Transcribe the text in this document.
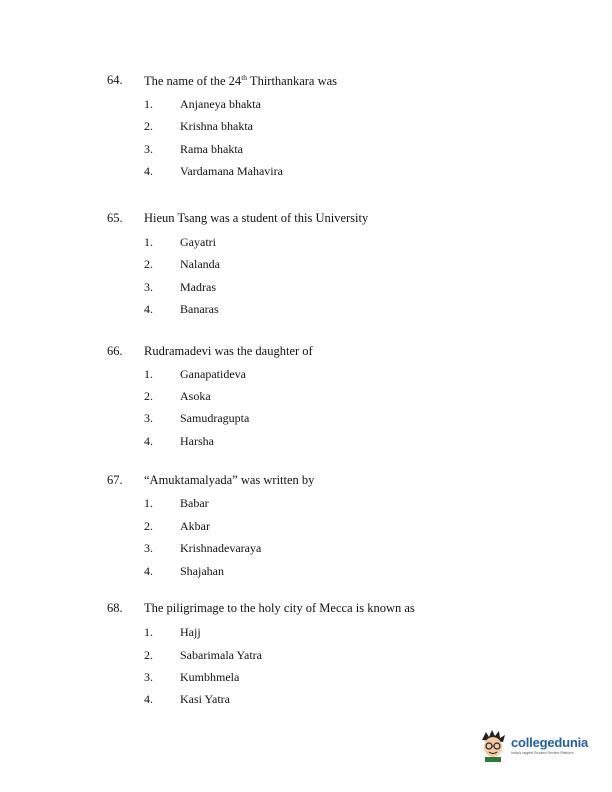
64. The name of the 24th Thirthankara was
1. Anjaneya bhakta
2. Krishna bhakta
3. Rama bhakta
4. Vardamana Mahavira
65. Hieun Tsang was a student of this University
1. Gayatri
2. Nalanda
3. Madras
4. Banaras
66. Rudramadevi was the daughter of
1. Ganapatideva
2. Asoka
3. Samudragupta
4. Harsha
67. “Amuktamalyada” was written by
1. Babar
2. Akbar
3. Krishnadevaraya
4. Shajahan
68. The piligrimage to the holy city of Mecca is known as
1. Hajj
2. Sabarimala Yatra
3. Kumbhmela
4. Kasi Yatra
collegedunia
India's largest Student Review Platform
